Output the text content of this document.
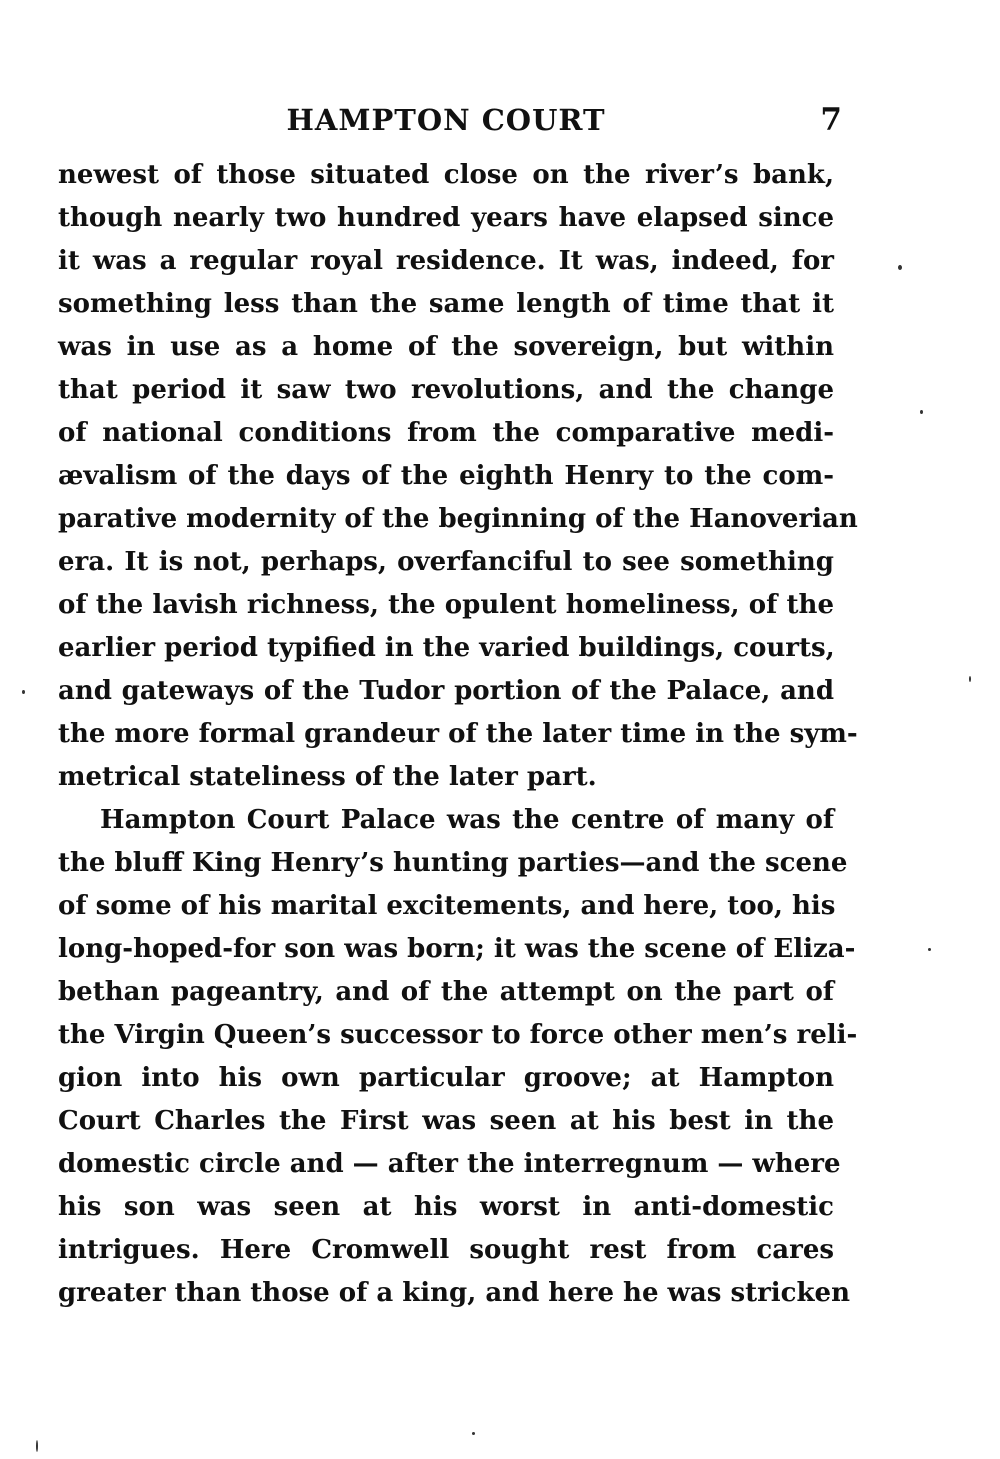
HAMPTON COURT	7
newest of those situated close on the river’s bank,
though nearly two hundred years have elapsed since
it was a regular royal residence. It was, indeed, for
something less than the same length of time that it
was in use as a home of the sovereign, but within
that period it saw two revolutions, and the change
of national conditions from the comparative medi-
ævalism of the days of the eighth Henry to the com-
parative modernity of the beginning of the Hanoverian
era. It is not, perhaps, overfanciful to see something
of the lavish richness, the opulent homeliness, of the
earlier period typified in the varied buildings, courts,
and gateways of the Tudor portion of the Palace, and
the more formal grandeur of the later time in the sym-
metrical stateliness of the later part.
Hampton Court Palace was the centre of many of
the bluff King Henry’s hunting parties—and the scene
of some of his marital excitements, and here, too, his
long-hoped-for son was born; it was the scene of Eliza-
bethan pageantry, and of the attempt on the part of
the Virgin Queen’s successor to force other men’s reli-
gion into his own particular groove; at Hampton
Court Charles the First was seen at his best in the
domestic circle and — after the interregnum — where
his son was seen at his worst in anti-domestic
intrigues. Here Cromwell sought rest from cares
greater than those of a king, and here he was stricken
